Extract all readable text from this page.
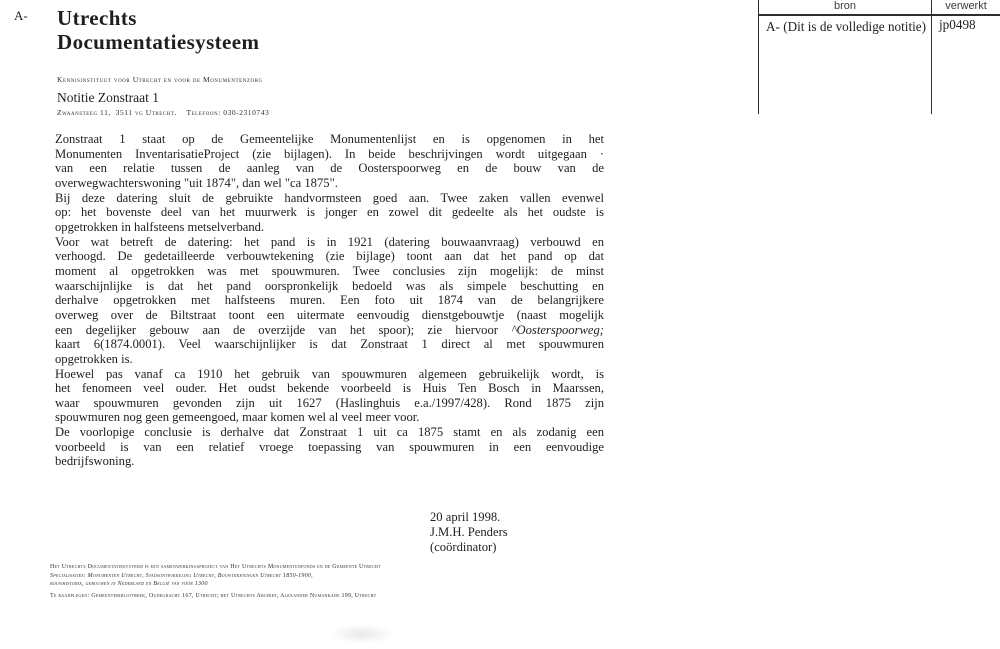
A- Utrechts
Documentatiesysteem

Kennisinstituut voor Utrecht en voor de Monumentenzorg

Zwaansteeg 11,  3511 vg Utrecht.    Telefoon: 030-2310743

bron	verwerkt
A- (Dit is de volledige notitie) jp0498
Notitie Zonstraat 1
Zonstraat 1 staat op de Gemeentelijke Monumentenlijst en is opgenomen in het
Monumenten InventarisatieProject (zie bijlagen). In beide beschrijvingen wordt uitgegaan ·
van een relatie tussen de aanleg van de Oosterspoorweg en de bouw van de
overwegwachterswoning "uit 1874", dan wel "ca 1875".
Bij deze datering sluit de gebruikte handvormsteen goed aan. Twee zaken vallen evenwel
op: het bovenste deel van het muurwerk is jonger en zowel dit gedeelte als het oudste is
opgetrokken in halfsteens metselverband.
Voor wat betreft de datering: het pand is in 1921 (datering bouwaanvraag) verbouwd en
verhoogd. De gedetailleerde verbouwtekening (zie bijlage) toont aan dat het pand op dat
moment al opgetrokken was met spouwmuren. Twee conclusies zijn mogelijk: de minst
waarschijnlijke is dat het pand oorspronkelijk bedoeld was als simpele beschutting en
derhalve opgetrokken met halfsteens muren. Een foto uit 1874 van de belangrijkere
overweg over de Biltstraat toont een uitermate eenvoudig dienstgebouwtje (naast mogelijk
een degelijker gebouw aan de overzijde van het spoor); zie hiervoor ^Oosterspoorweg;
kaart 6(1874.0001). Veel waarschijnlijker is dat Zonstraat 1 direct al met spouwmuren
opgetrokken is.
Hoewel pas vanaf ca 1910 het gebruik van spouwmuren algemeen gebruikelijk wordt, is
het fenomeen veel ouder. Het oudst bekende voorbeeld is Huis Ten Bosch in Maarssen,
waar spouwmuren gevonden zijn uit 1627 (Haslinghuis e.a./1997/428). Rond 1875 zijn
spouwmuren nog geen gemeengoed, maar komen wel al veel meer voor.
De voorlopige conclusie is derhalve dat Zonstraat 1 uit ca 1875 stamt en als zodanig een
voorbeeld is van een relatief vroege toepassing van spouwmuren in een eenvoudige
bedrijfswoning.
20 april 1998.
J.M.H. Penders
(coördinator)
Het Utrechts Documentatiesysteem is een samenwerkingsproject van Het Utrechts Monumentenfonds en de Gemeente Utrecht
Specialisaties: Monumenten Utrecht, Stadsontwikkeling Utrecht, Bouwtekeningen Utrecht 1850-1900,
bouwhistorie, gebouwen in Nederland en België van vóór 1300
Te raadplegen: Gemeentebibliotheek, Oudegracht 167, Utrecht; het Utrechts Archief, Alexander Numankade 199, Utrecht
